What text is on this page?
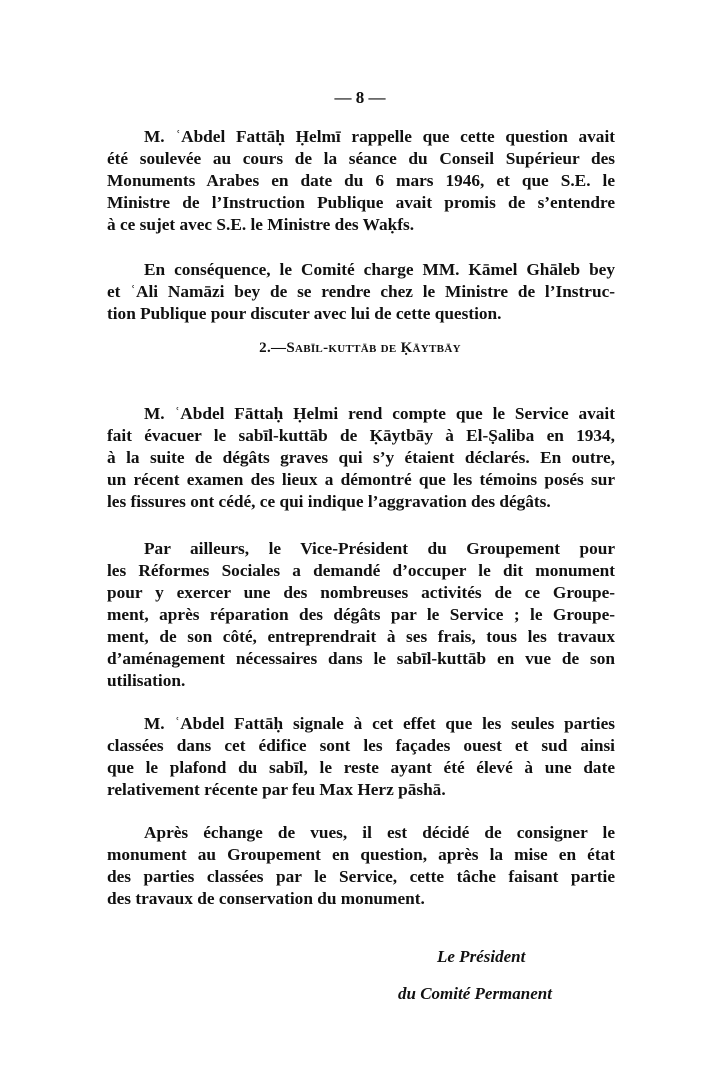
— 8 —
M. ʿAbdel Fattāḥ Ḥelmī rappelle que cette question avait
été soulevée au cours de la séance du Conseil Supérieur des
Monuments Arabes en date du 6 mars 1946, et que S.E. le
Ministre de l’Instruction Publique avait promis de s’entendre
à ce sujet avec S.E. le Ministre des Waḳfs.
En conséquence, le Comité charge MM. Kāmel Ghāleb bey
et ʿAli Namāzi bey de se rendre chez le Ministre de l’Instruc-
tion Publique pour discuter avec lui de cette question.
2.—Sabīl-kuttāb de Ḳāytbāy
M. ʿAbdel Fāttaḥ Ḥelmi rend compte que le Service avait
fait évacuer le sabīl-kuttāb de Ḳāytbāy à El-Ṣaliba en 1934,
à la suite de dégâts graves qui s’y étaient déclarés. En outre,
un récent examen des lieux a démontré que les témoins posés sur
les fissures ont cédé, ce qui indique l’aggravation des dégâts.
Par ailleurs, le Vice-Président du Groupement pour
les Réformes Sociales a demandé d’occuper le dit monument
pour y exercer une des nombreuses activités de ce Groupe-
ment, après réparation des dégâts par le Service ; le Groupe-
ment, de son côté, entreprendrait à ses frais, tous les travaux
d’aménagement nécessaires dans le sabīl-kuttāb en vue de son
utilisation.
M. ʿAbdel Fattāḥ signale à cet effet que les seules parties
classées dans cet édifice sont les façades ouest et sud ainsi
que le plafond du sabīl, le reste ayant été élevé à une date
relativement récente par feu Max Herz pāshā.
Après échange de vues, il est décidé de consigner le
monument au Groupement en question, après la mise en état
des parties classées par le Service, cette tâche faisant partie
des travaux de conservation du monument.
Le Président
du Comité Permanent
